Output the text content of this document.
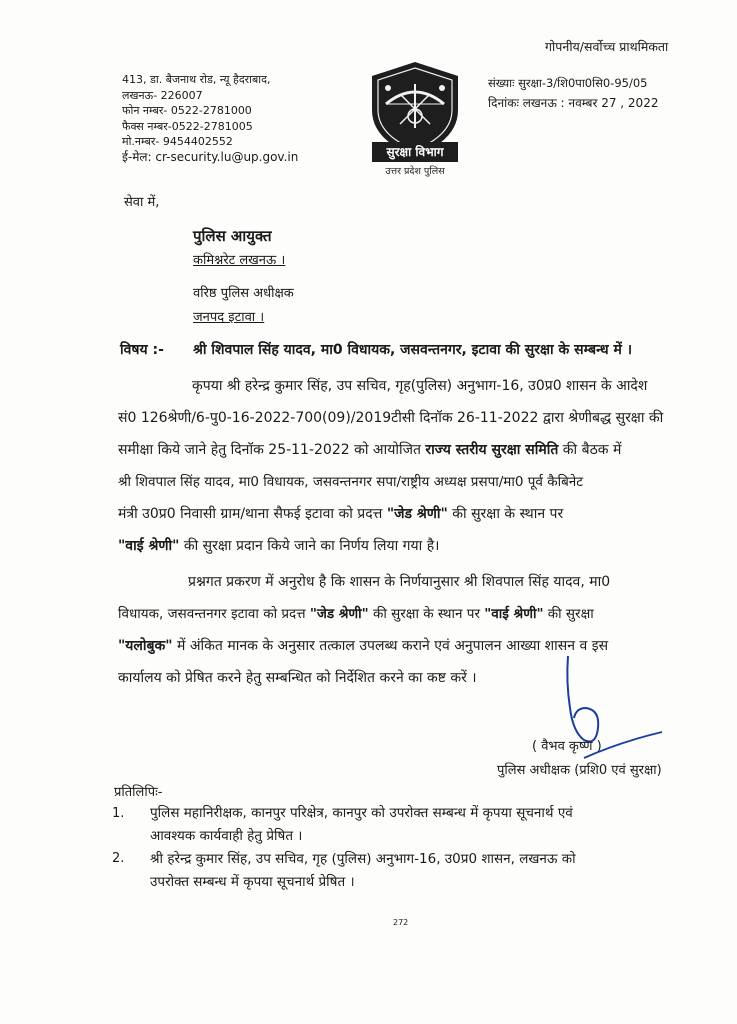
गोपनीय/सर्वोच्च प्राथमिकता
413, डा. बैजनाथ रोड, न्यू हैदराबाद,
लखनऊ- 226007
फोन नम्बर- 0522-2781000
फैक्स नम्बर-0522-2781005
मो.नम्बर- 9454402552
ई-मेल: cr-security.lu@up.gov.in	सुरक्षा विभाग
उत्तर प्रदेश पुलिस
संख्याः सुरक्षा-3/शि0पा0सि0-95/05
दिनांकः लखनऊ : नवम्बर 27 , 2022
सेवा में,
पुलिस आयुक्त
कमिश्नरेट लखनऊ ।
वरिष्ठ पुलिस अधीक्षक
जनपद इटावा ।
विषय :- श्री शिवपाल सिंह यादव, मा0 विधायक, जसवन्तनगर, इटावा की सुरक्षा के सम्बन्ध में ।
कृपया श्री हरेन्द्र कुमार सिंह, उप सचिव, गृह(पुलिस) अनुभाग-16, उ0प्र0 शासन के आदेश
सं0 126श्रेणी/6-पु0-16-2022-700(09)/2019टीसी दिनॉक 26-11-2022 द्वारा श्रेणीबद्ध सुरक्षा की
समीक्षा किये जाने हेतु दिनॉक 25-11-2022 को आयोजित राज्य स्तरीय सुरक्षा समिति की बैठक में
श्री शिवपाल सिंह यादव, मा0 विधायक, जसवन्तनगर सपा/राष्ट्रीय अध्यक्ष प्रसपा/मा0 पूर्व कैबिनेट
मंत्री उ0प्र0 निवासी ग्राम/थाना सैफई इटावा को प्रदत्त "जेड श्रेणी" की सुरक्षा के स्थान पर
"वाई श्रेणी" की सुरक्षा प्रदान किये जाने का निर्णय लिया गया है।
प्रश्नगत प्रकरण में अनुरोध है कि शासन के निर्णयानुसार श्री शिवपाल सिंह यादव, मा0
विधायक, जसवन्तनगर इटावा को प्रदत्त "जेड श्रेणी" की सुरक्षा के स्थान पर "वाई श्रेणी" की सुरक्षा
"यलोबुक" में अंकित मानक के अनुसार तत्काल उपलब्ध कराने एवं अनुपालन आख्या शासन व इस
कार्यालय को प्रेषित करने हेतु सम्बन्धित को निर्देशित करने का कष्ट करें ।
( वैभव कृष्ण )
पुलिस अधीक्षक (प्रशि0 एवं सुरक्षा)
प्रतिलिपिः-
1. पुलिस महानिरीक्षक, कानपुर परिक्षेत्र, कानपुर को उपरोक्त सम्बन्ध में कृपया सूचनार्थ एवं
आवश्यक कार्यवाही हेतु प्रेषित ।
2. श्री हरेन्द्र कुमार सिंह, उप सचिव, गृह (पुलिस) अनुभाग-16, उ0प्र0 शासन, लखनऊ को
उपरोक्त सम्बन्ध में कृपया सूचनार्थ प्रेषित ।
272
